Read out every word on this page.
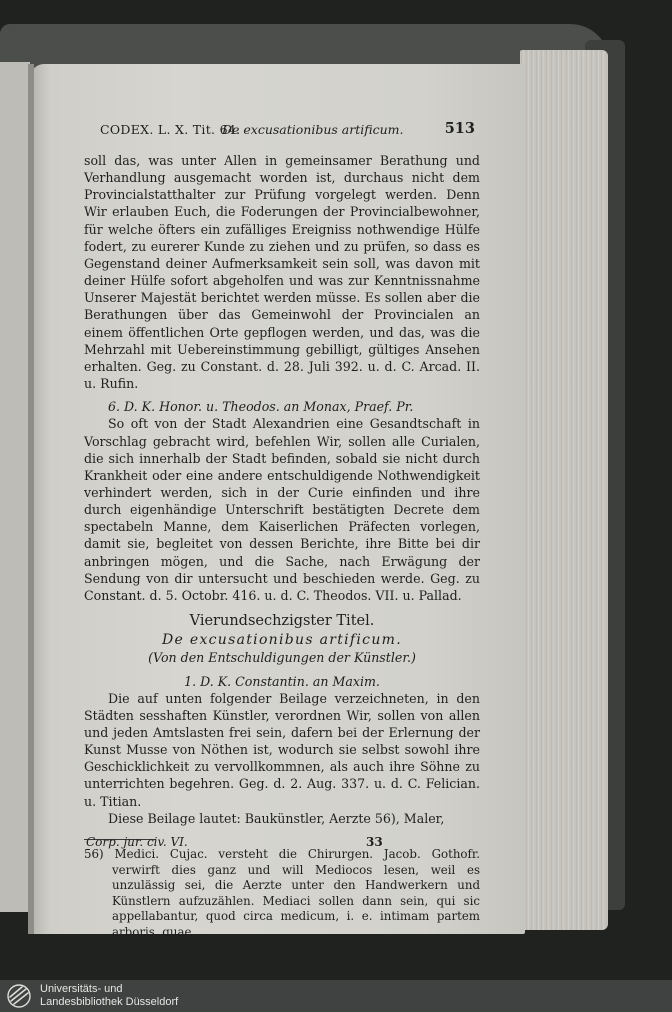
CODEX. L. X. Tit. 64.
De excusationibus artificum.	513

soll das, was unter Allen in gemeinsamer Berathung und Verhandlung ausgemacht worden ist, durchaus nicht dem Provincialstatthalter zur Prüfung vorgelegt werden. Denn Wir erlauben Euch, die Foderungen der Provincialbewohner, für welche öfters ein zufälliges Ereigniss nothwendige Hülfe fodert, zu eurerer Kunde zu ziehen und zu prüfen, so dass es Gegenstand deiner Aufmerksamkeit sein soll, was davon mit deiner Hülfe sofort abgeholfen und was zur Kenntnissnahme Unserer Majestät berichtet werden müsse. Es sollen aber die Berathungen über das Gemeinwohl der Provincialen an einem öffentlichen Orte gepflogen werden, und das, was die Mehrzahl mit Uebereinstimmung gebilligt, gültiges Ansehen erhalten. Geg. zu Constant. d. 28. Juli 392. u. d. C. Arcad. II. u. Rufin.

6. D. K. Honor. u. Theodos. an Monax, Praef. Pr.

So oft von der Stadt Alexandrien eine Gesandtschaft in Vorschlag gebracht wird, befehlen Wir, sollen alle Curialen, die sich innerhalb der Stadt befinden, sobald sie nicht durch Krankheit oder eine andere entschuldigende Nothwendigkeit verhindert werden, sich in der Curie einfinden und ihre durch eigenhändige Unterschrift bestätigten Decrete dem spectabeln Manne, dem Kaiserlichen Präfecten vorlegen, damit sie, begleitet von dessen Berichte, ihre Bitte bei dir anbringen mögen, und die Sache, nach Erwägung der Sendung von dir untersucht und beschieden werde. Geg. zu Constant. d. 5. Octobr. 416. u. d. C. Theodos. VII. u. Pallad.

Vierundsechzigster Titel.

De excusationibus artificum.

(Von den Entschuldigungen der Künstler.)

1. D. K. Constantin. an Maxim.

Die auf unten folgender Beilage verzeichneten, in den Städten sesshaften Künstler, verordnen Wir, sollen von allen und jeden Amtslasten frei sein, dafern bei der Erlernung der Kunst Musse von Nöthen ist, wodurch sie selbst sowohl ihre Geschicklichkeit zu vervollkommnen, als auch ihre Söhne zu unterrichten begehren. Geg. d. 2. Aug. 337. u. d. C. Felician. u. Titian.

Diese Beilage lautet: Baukünstler, Aerzte 56), Maler,

56) Medici. Cujac. versteht die Chirurgen. Jacob. Gothofr. verwirft dies ganz und will Mediocos lesen, weil es unzulässig sei, die Aerzte unter den Handwerkern und Künstlern aufzuzählen. Mediaci sollen dann sein, qui sic appellabantur, quod circa medicum, i. e. intimam partem arboris, quae

Corp. jur. civ. VI.	33
Universitäts- und
Landesbibliothek Düsseldorf
